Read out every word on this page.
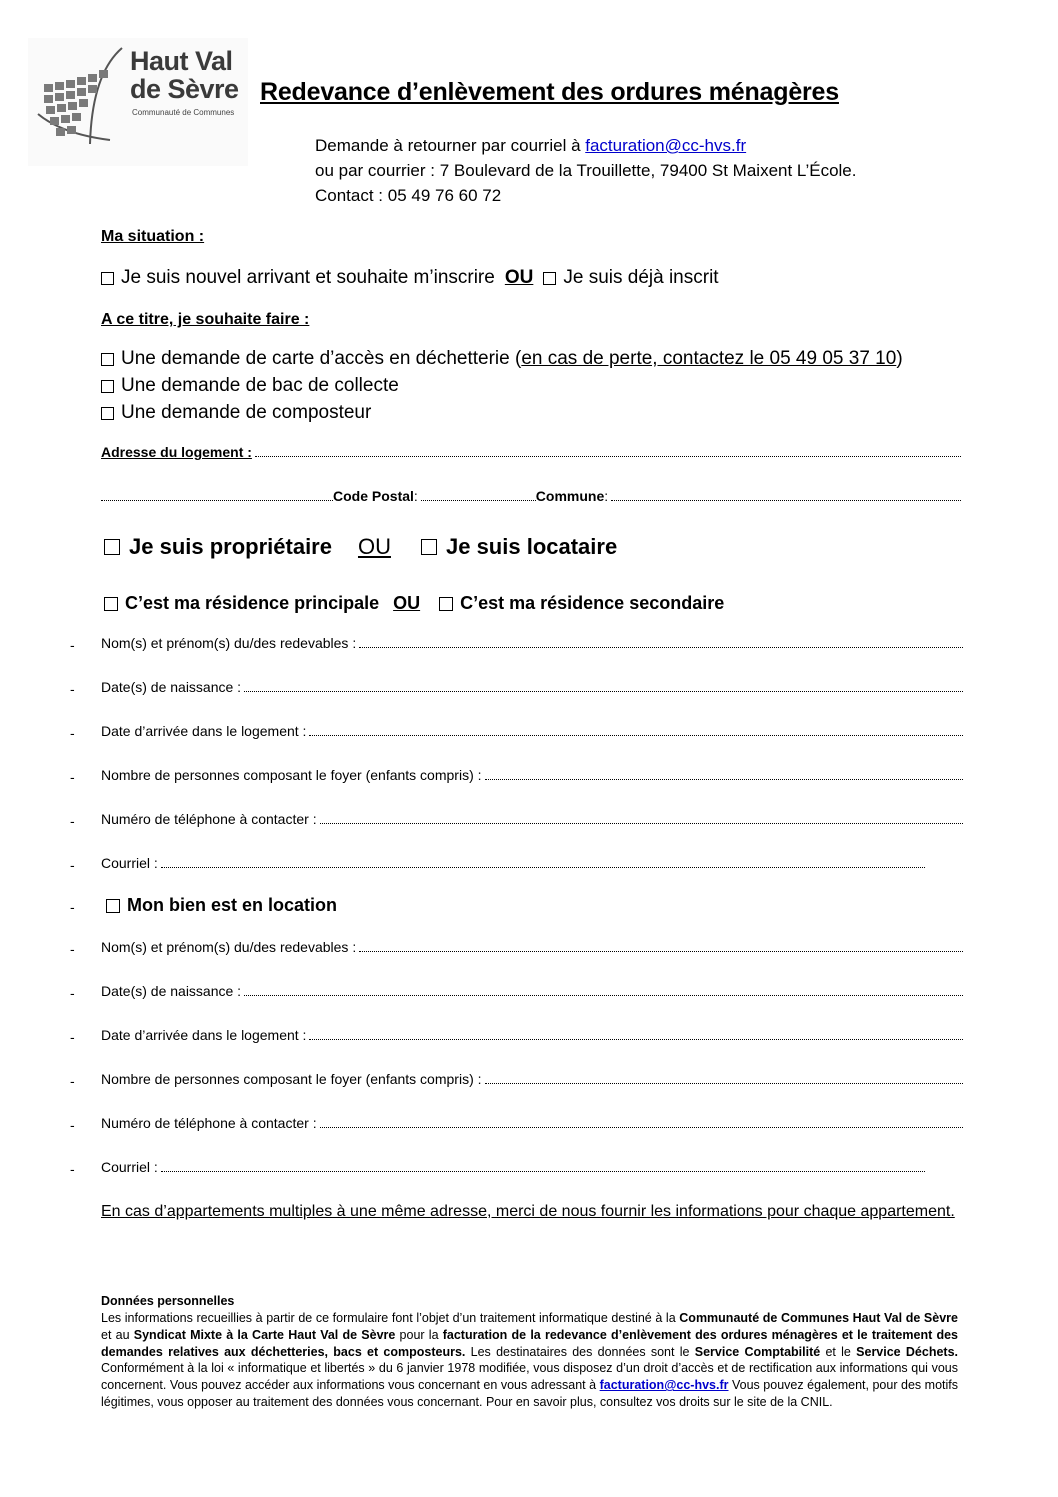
Haut Val
de Sèvre
Communauté de Communes
Redevance d’enlèvement des ordures ménagères
Demande à retourner par courriel à facturation@cc-hvs.fr
ou par courrier : 7 Boulevard de la Trouillette, 79400 St Maixent L’École.
Contact : 05 49 76 60 72
Ma situation :
Je suis nouvel arrivant et souhaite m’inscrire OU Je suis déjà inscrit
A ce titre, je souhaite faire :
Une demande de carte d’accès en déchetterie ( en cas de perte, contactez le 05 49 05 37 10 )
Une demande de bac de collecte
Une demande de composteur
Adresse du logement :
Code Postal :	Commune :
Je suis propriétaire OU	Je suis locataire
C’est ma résidence principale OU C’est ma résidence secondaire
- Nom(s) et prénom(s) du/des redevables :
- Date(s) de naissance :
- Date d’arrivée dans le logement :
- Nombre de personnes composant le foyer (enfants compris) :
- Numéro de téléphone à contacter :
- Courriel :
-	Mon bien est en location
- Nom(s) et prénom(s) du/des redevables :
- Date(s) de naissance :
- Date d’arrivée dans le logement :
- Nombre de personnes composant le foyer (enfants compris) :
- Numéro de téléphone à contacter :
- Courriel :
En cas d’appartements multiples à une même adresse, merci de nous fournir les informations pour chaque appartement.
Données personnelles
Les informations recueillies à partir de ce formulaire font l’objet d’un traitement informatique destiné à la Communauté de Communes Haut Val de Sèvre et au Syndicat Mixte à la Carte Haut Val de Sèvre pour la facturation de la redevance d’enlèvement des ordures ménagères et le traitement des demandes relatives aux déchetteries, bacs et composteurs. Les destinataires des données sont le Service Comptabilité et le Service Déchets. Conformément à la loi « informatique et libertés » du 6 janvier 1978 modifiée, vous disposez d’un droit d’accès et de rectification aux informations qui vous concernent. Vous pouvez accéder aux informations vous concernant en vous adressant à facturation@cc-hvs.fr Vous pouvez également, pour des motifs légitimes, vous opposer au traitement des données vous concernant. Pour en savoir plus, consultez vos droits sur le site de la CNIL.
